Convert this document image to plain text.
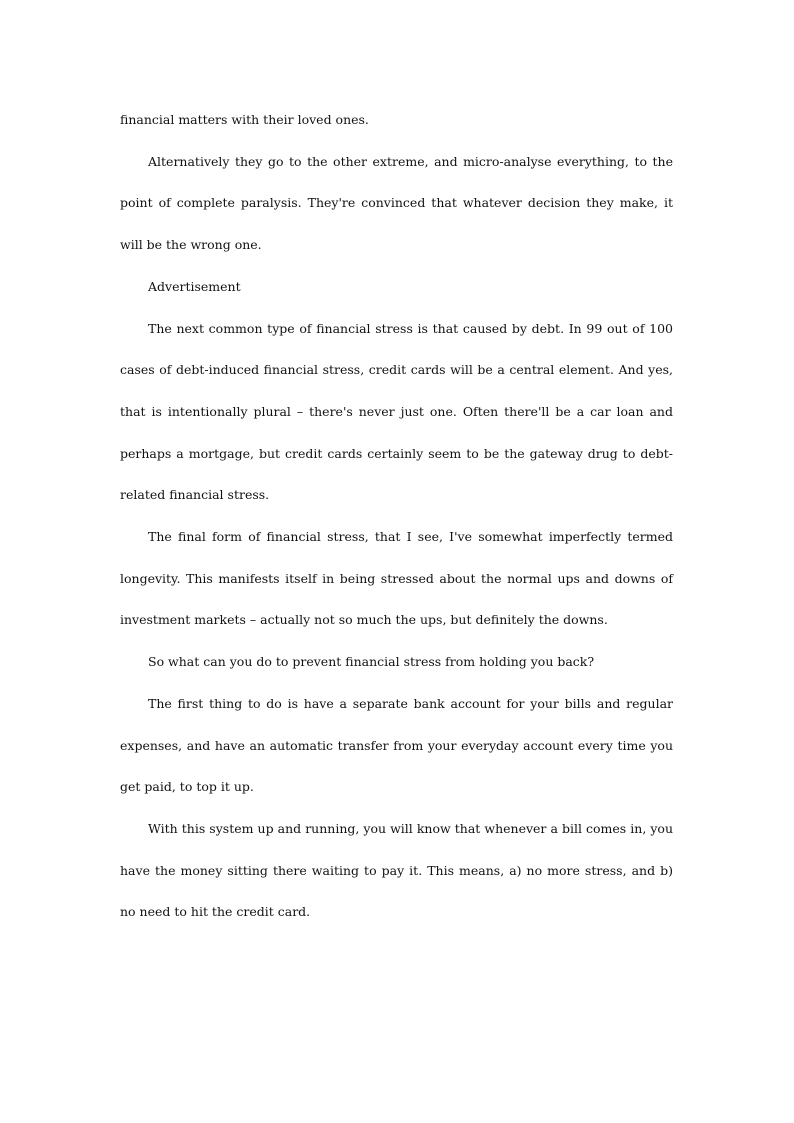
financial matters with their loved ones.

Alternatively they go to the other extreme, and micro-analyse everything, to the point of complete paralysis. They're convinced that whatever decision they make, it will be the wrong one.

Advertisement

The next common type of financial stress is that caused by debt. In 99 out of 100 cases of debt-induced financial stress, credit cards will be a central element. And yes, that is intentionally plural – there's never just one. Often there'll be a car loan and perhaps a mortgage, but credit cards certainly seem to be the gateway drug to debt-related financial stress.

The final form of financial stress, that I see, I've somewhat imperfectly termed longevity. This manifests itself in being stressed about the normal ups and downs of investment markets – actually not so much the ups, but definitely the downs.

So what can you do to prevent financial stress from holding you back?

The first thing to do is have a separate bank account for your bills and regular expenses, and have an automatic transfer from your everyday account every time you get paid, to top it up.

With this system up and running, you will know that whenever a bill comes in, you have the money sitting there waiting to pay it. This means, a) no more stress, and b) no need to hit the credit card.
